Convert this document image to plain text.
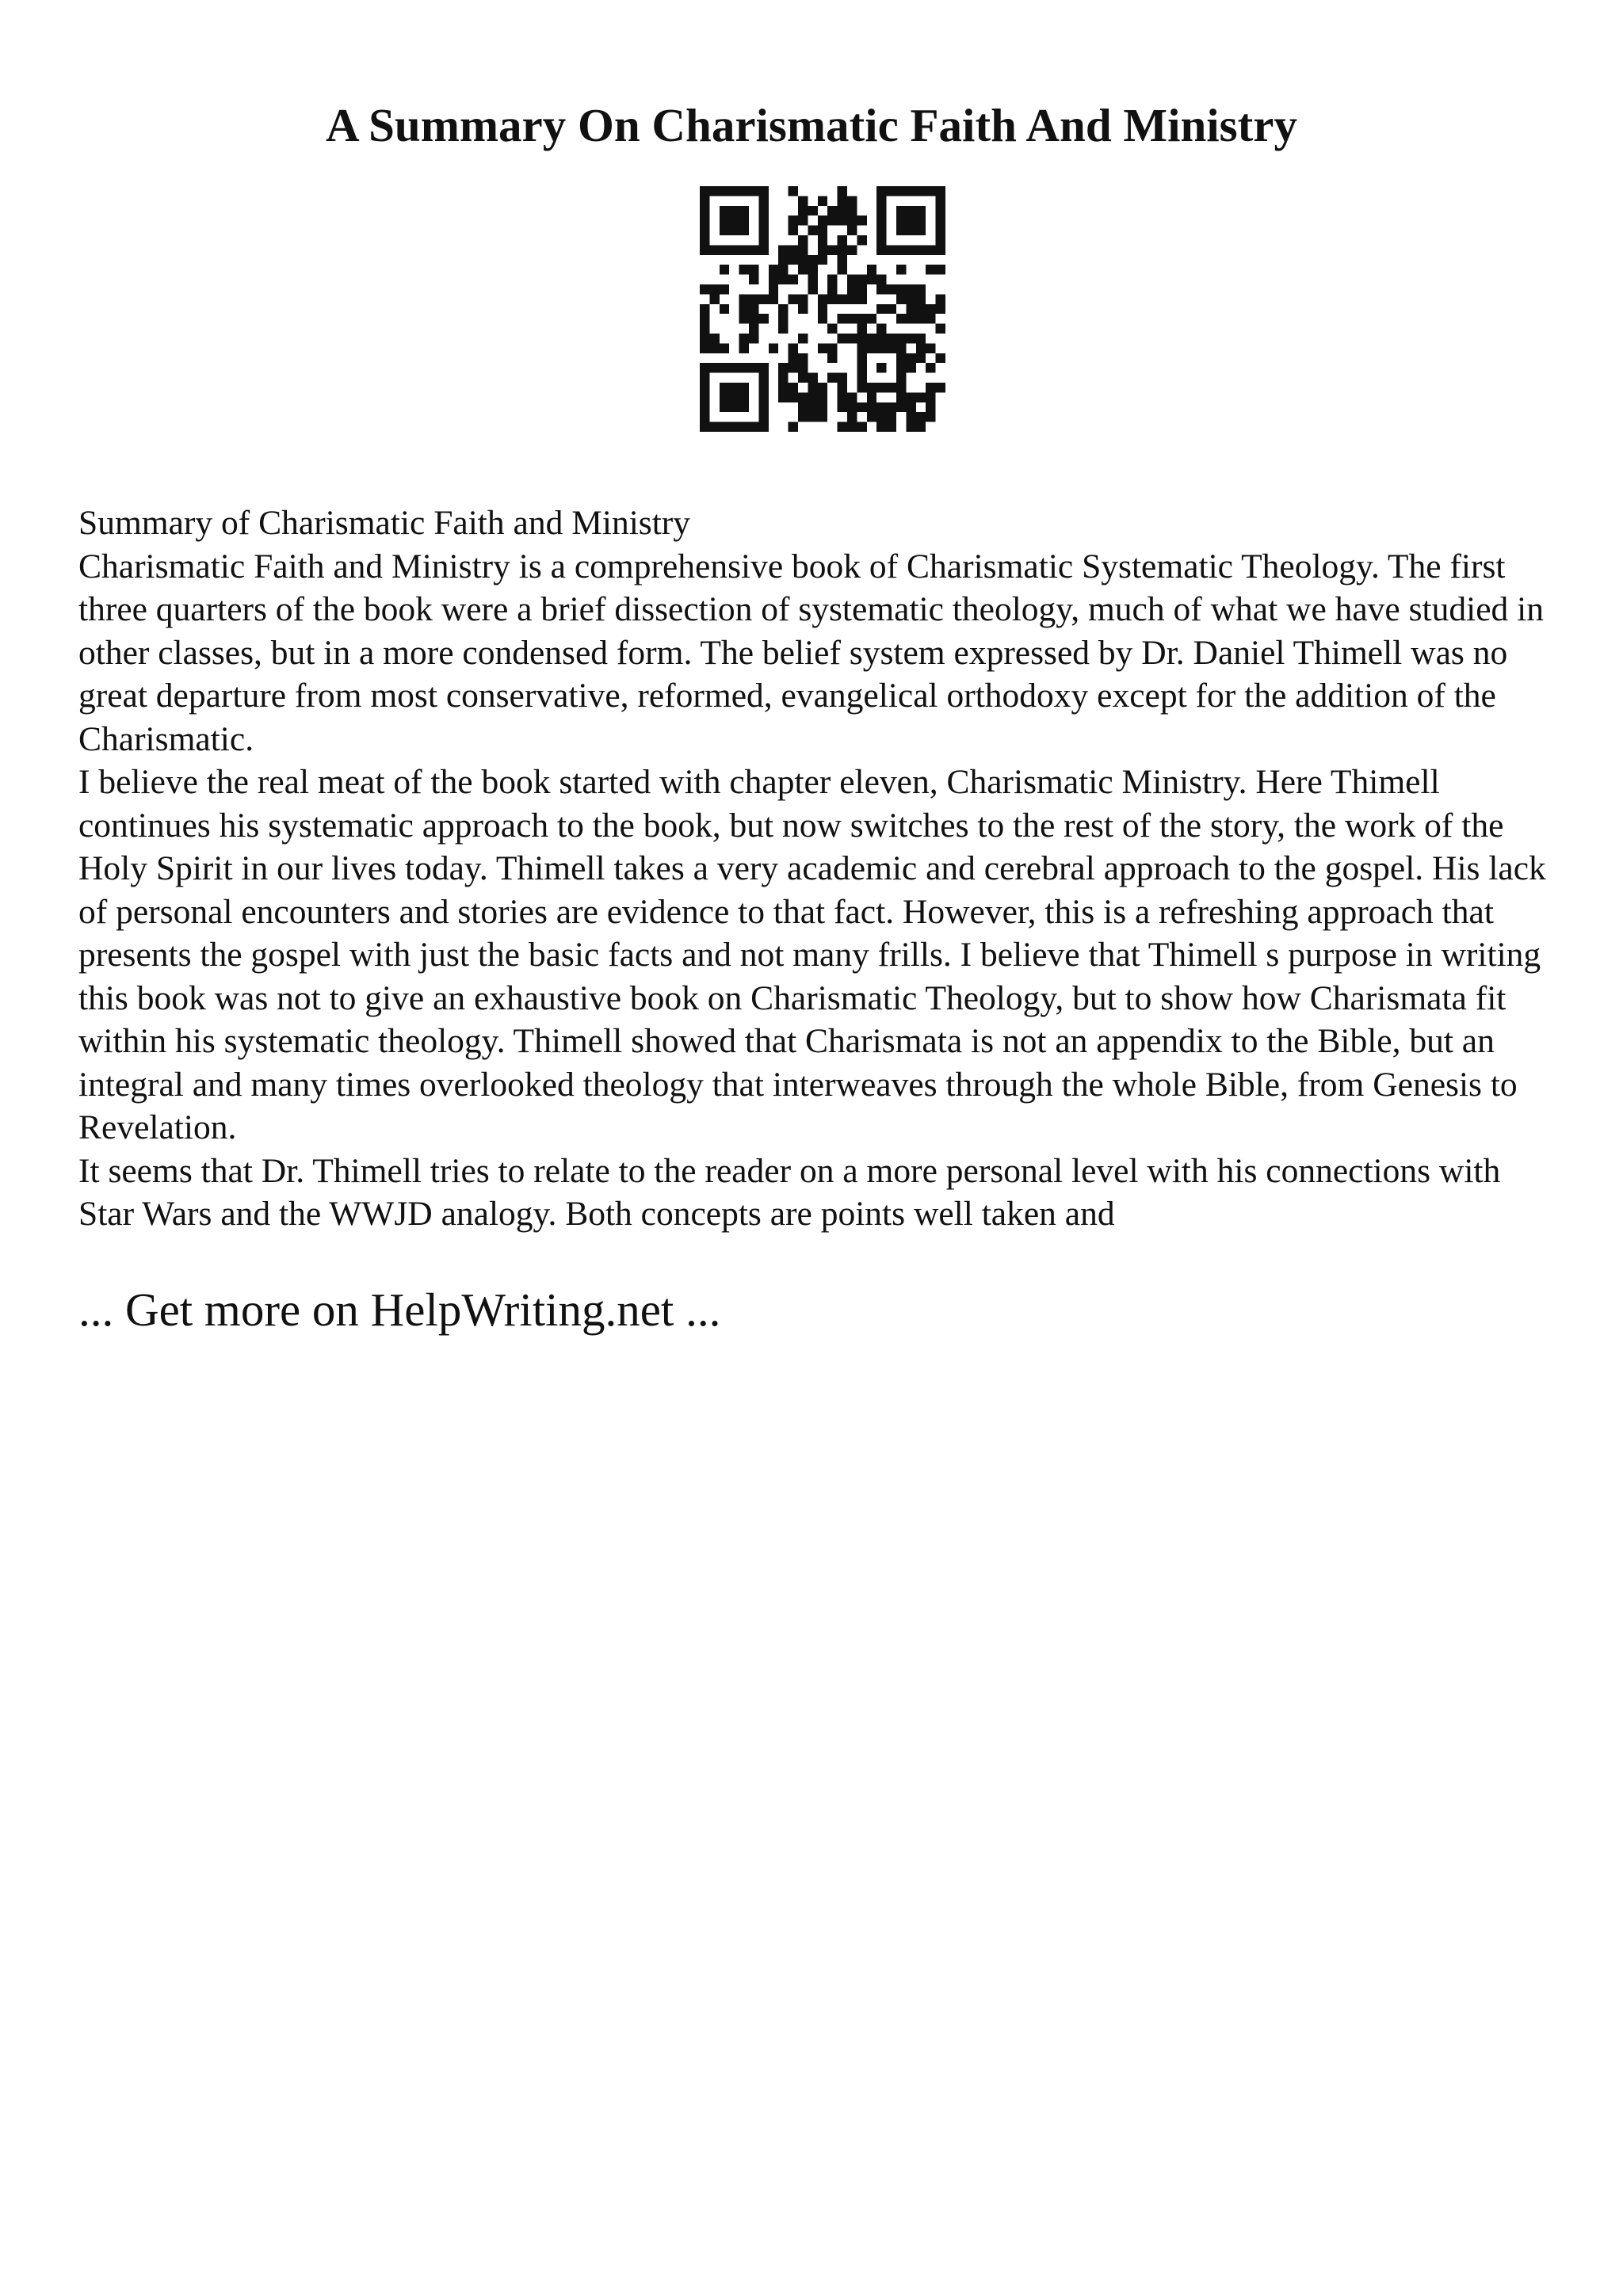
A Summary On Charismatic Faith And Ministry

Summary of Charismatic Faith and Ministry

Charismatic Faith and Ministry is a comprehensive book of Charismatic Systematic Theology. The first three quarters of the book were a brief dissection of systematic theology, much of what we have studied in other classes, but in a more condensed form. The belief system expressed by Dr. Daniel Thimell was no great departure from most conservative, reformed, evangelical orthodoxy except for the addition of the Charismatic.

I believe the real meat of the book started with chapter eleven, Charismatic Ministry. Here Thimell continues his systematic approach to the book, but now switches to the rest of the story, the work of the Holy Spirit in our lives today. Thimell takes a very academic and cerebral approach to the gospel. His lack of personal encounters and stories are evidence to that fact. However, this is a refreshing approach that presents the gospel with just the basic facts and not many frills. I believe that Thimell s purpose in writing this book was not to give an exhaustive book on Charismatic Theology, but to show how Charismata fit within his systematic theology. Thimell showed that Charismata is not an appendix to the Bible, but an integral and many times overlooked theology that interweaves through the whole Bible, from Genesis to Revelation.

It seems that Dr. Thimell tries to relate to the reader on a more personal level with his connections with Star Wars and the WWJD analogy. Both concepts are points well taken and

... Get more on HelpWriting.net ...
